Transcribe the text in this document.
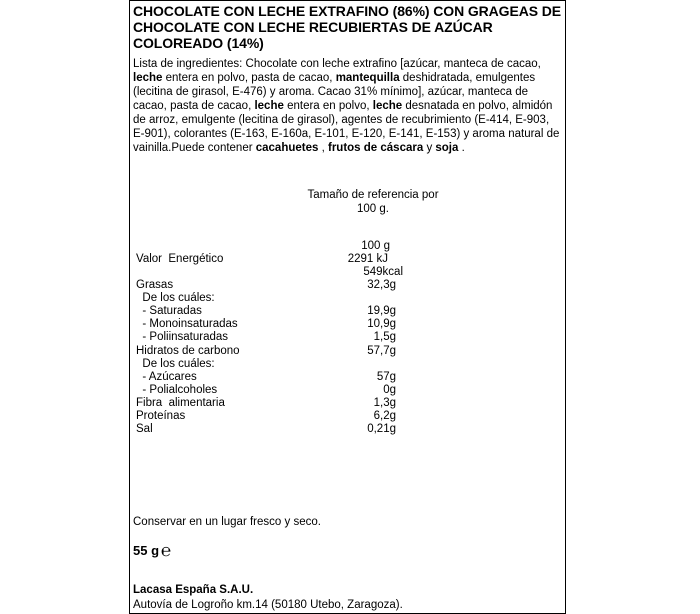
CHOCOLATE CON LECHE EXTRAFINO (86%) CON GRAGEAS DE CHOCOLATE CON LECHE RECUBIERTAS DE AZÚCAR COLOREADO (14%)
Lista de ingredientes: Chocolate con leche extrafino [azúcar, manteca de cacao, leche entera en polvo, pasta de cacao, mantequilla deshidratada, emulgentes (lecitina de girasol, E-476) y aroma. Cacao 31% mínimo], azúcar, manteca de cacao, pasta de cacao, leche entera en polvo, leche desnatada en polvo, almidón de arroz, emulgente (lecitina de girasol), agentes de recubrimiento (E-414, E-903, E-901), colorantes (E-163, E-160a, E-101, E-120, E-141, E-153) y aroma natural de vainilla.Puede contener cacahuetes , frutos de cáscara y soja .
Tamaño de referencia por 100 g.
100 g
Valor  Energético	2291 kJ
549kcal
Grasas	32,3g
De los cuáles:
- Saturadas	19,9g
- Monoinsaturadas	10,9g
- Poliinsaturadas	1,5g
Hidratos de carbono	57,7g
De los cuáles:
- Azúcares	57g
- Polialcoholes	0g
Fibra  alimentaria	1,3g
Proteínas	6,2g
Sal	0,21g
Conservar en un lugar fresco y seco.
55 g ℮
Lacasa España S.A.U.
Autovía de Logroño km.14 (50180 Utebo, Zaragoza).
